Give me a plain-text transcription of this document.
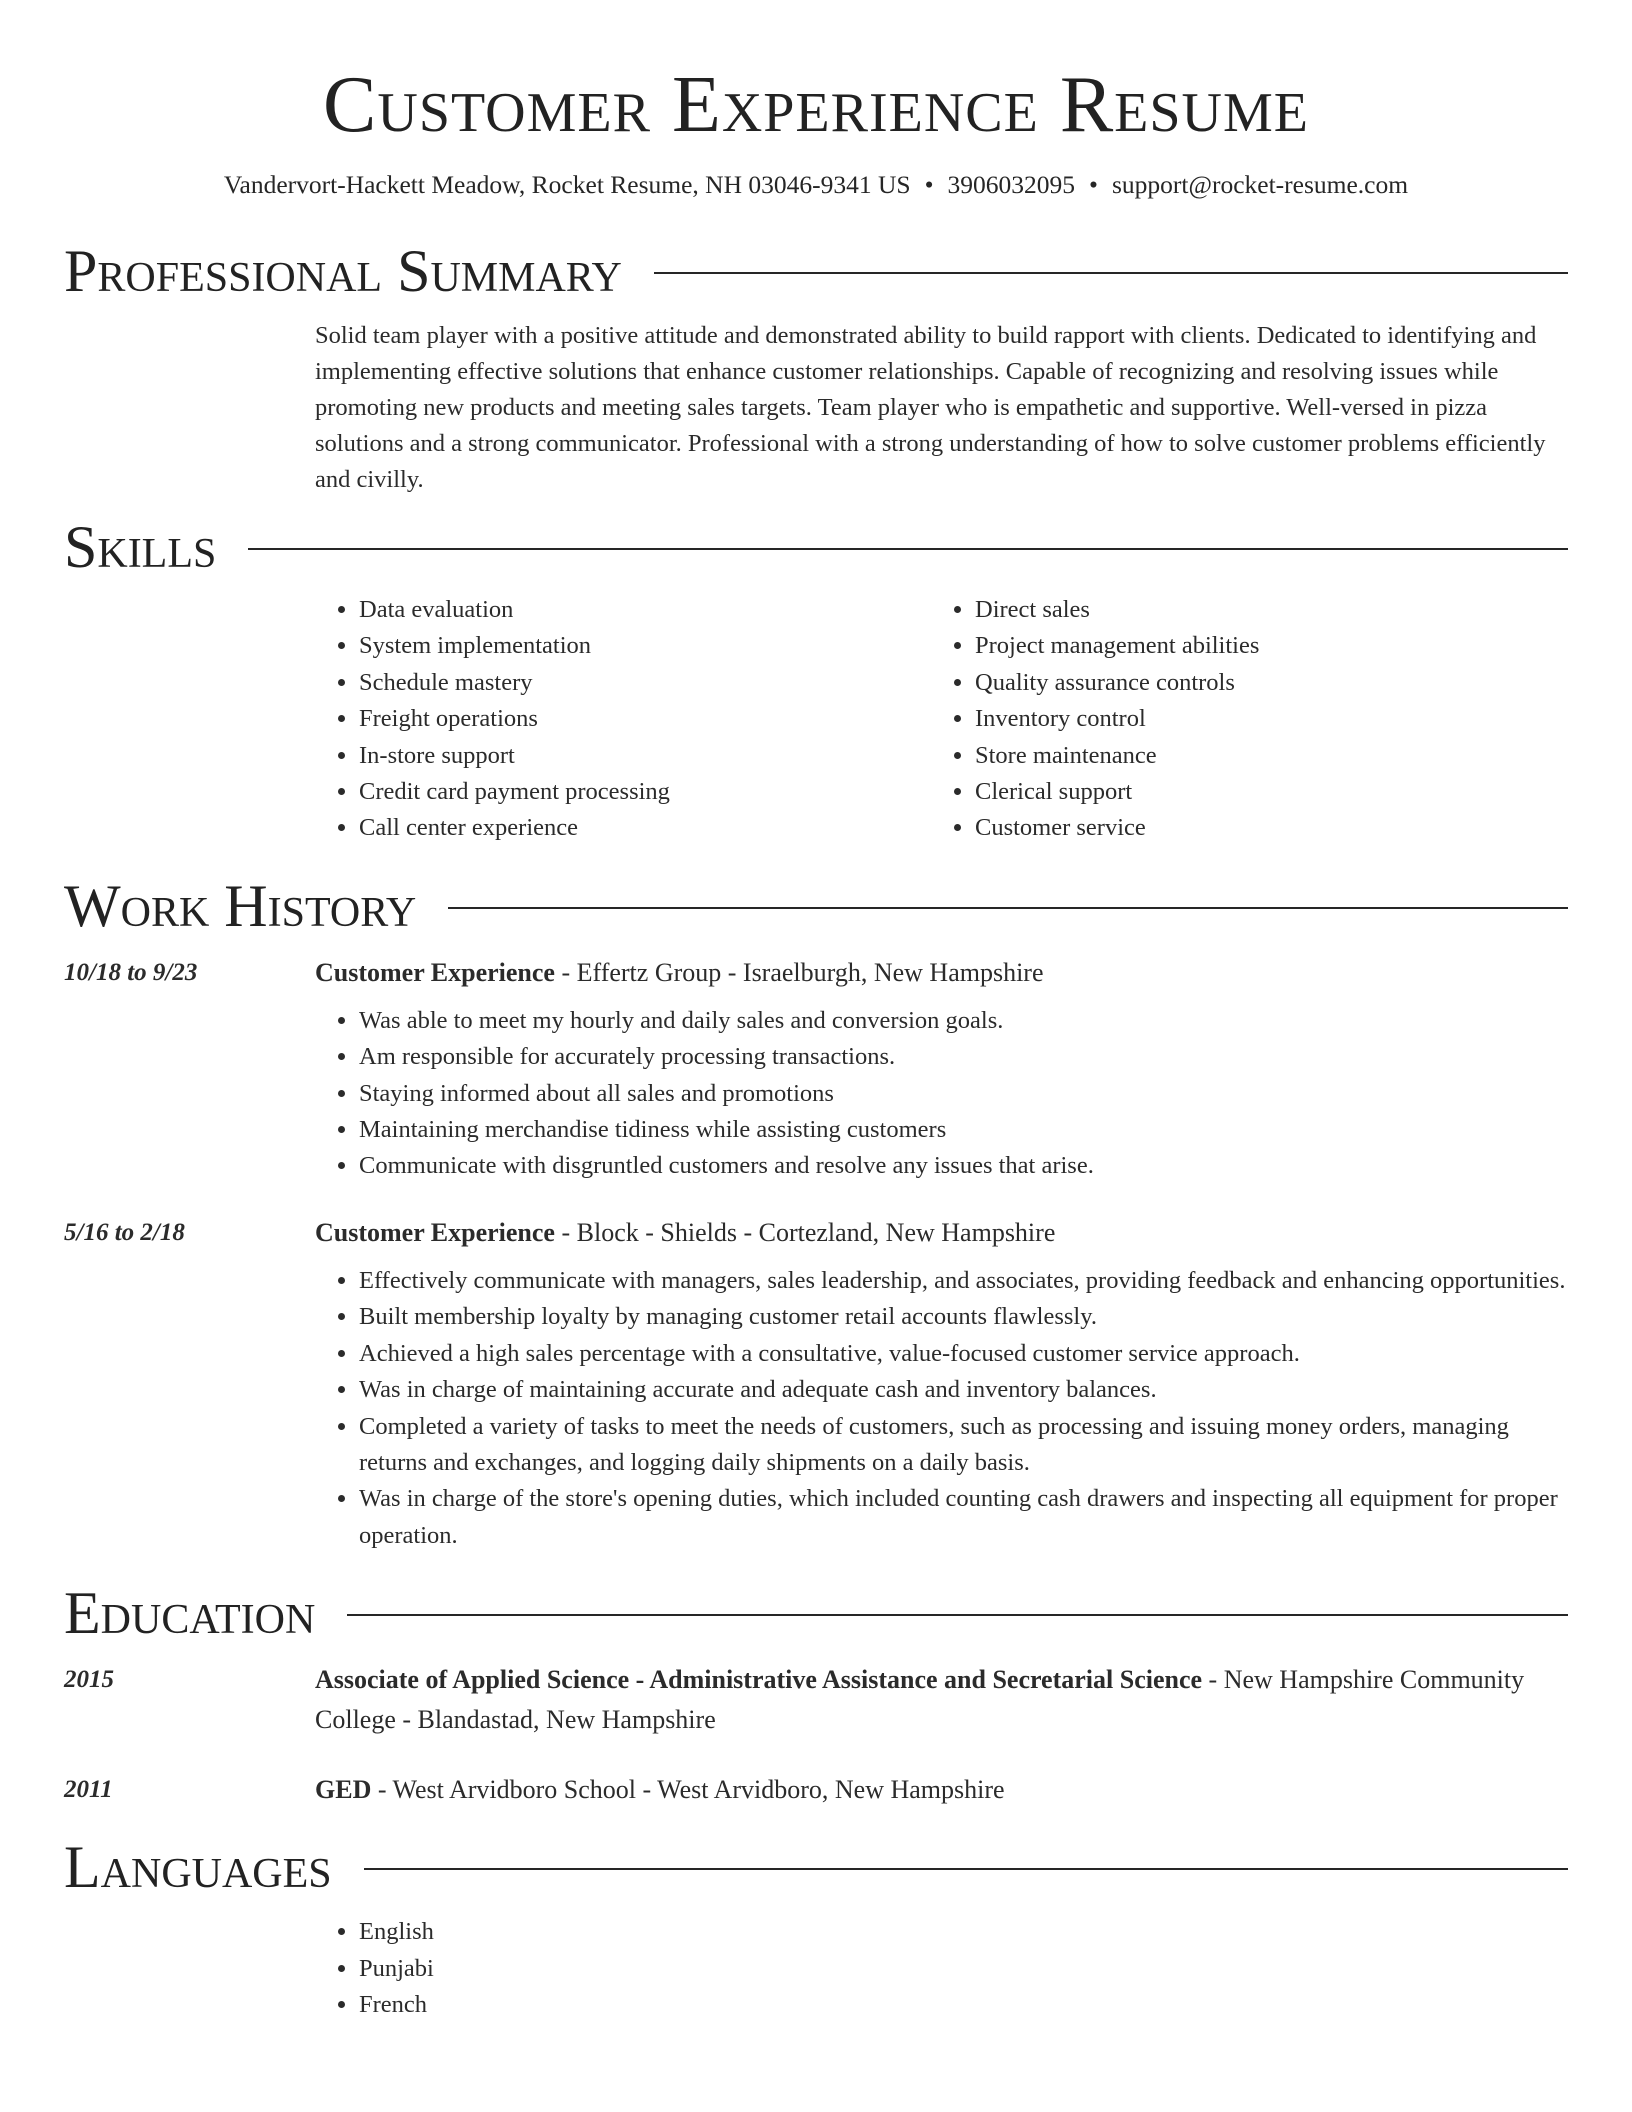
Customer Experience Resume
Vandervort-Hackett Meadow, Rocket Resume, NH 03046-9341 US • 3906032095 • support@rocket-resume.com
Professional Summary

Solid team player with a positive attitude and demonstrated ability to build rapport with clients. Dedicated to identifying and implementing effective solutions that enhance customer relationships. Capable of recognizing and resolving issues while promoting new products and meeting sales targets. Team player who is empathetic and supportive. Well-versed in pizza solutions and a strong communicator. Professional with a strong understanding of how to solve customer problems efficiently and civilly.

Skills
• Data evaluation
• System implementation
• Schedule mastery
• Freight operations
• In-store support
• Credit card payment processing
• Call center experience
• Direct sales
• Project management abilities
• Quality assurance controls
• Inventory control
• Store maintenance
• Clerical support
• Customer service
Work History
10/18 to 9/23	Customer Experience - Effertz Group - Israelburgh, New Hampshire
• Was able to meet my hourly and daily sales and conversion goals.
• Am responsible for accurately processing transactions.
• Staying informed about all sales and promotions
• Maintaining merchandise tidiness while assisting customers
• Communicate with disgruntled customers and resolve any issues that arise.
5/16 to 2/18	Customer Experience - Block - Shields - Cortezland, New Hampshire
• Effectively communicate with managers, sales leadership, and associates, providing feedback and enhancing opportunities.
• Built membership loyalty by managing customer retail accounts flawlessly.
• Achieved a high sales percentage with a consultative, value-focused customer service approach.
• Was in charge of maintaining accurate and adequate cash and inventory balances.
• Completed a variety of tasks to meet the needs of customers, such as processing and issuing money orders, managing returns and exchanges, and logging daily shipments on a daily basis.
• Was in charge of the store's opening duties, which included counting cash drawers and inspecting all equipment for proper operation.
Education
2015	Associate of Applied Science - Administrative Assistance and Secretarial Science - New Hampshire Community College - Blandastad, New Hampshire
2011	GED - West Arvidboro School - West Arvidboro, New Hampshire
Languages
• English
• Punjabi
• French
